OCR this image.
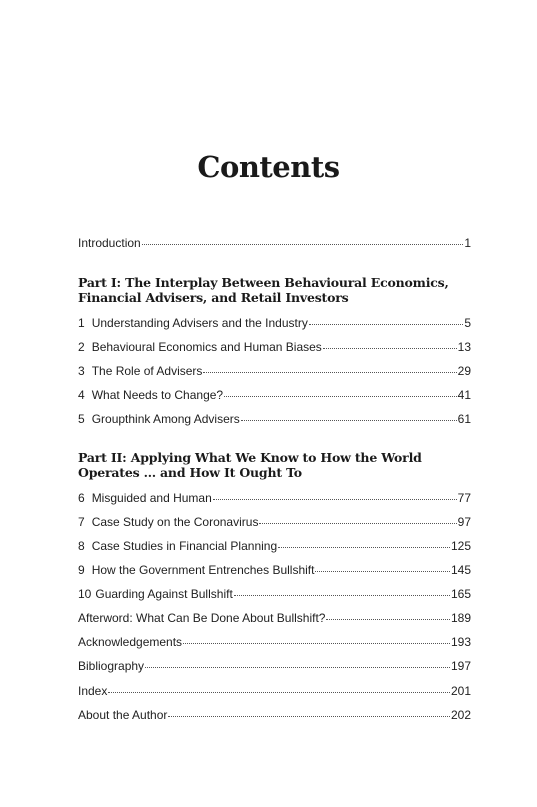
Contents
Introduction	1
Part I: The Interplay Between Behavioural Economics,
Financial Advisers, and Retail Investors
1 Understanding Advisers and the Industry	5
2 Behavioural Economics and Human Biases	13
3 The Role of Advisers	29
4 What Needs to Change?	41
5 Groupthink Among Advisers	61
Part II: Applying What We Know to How the World
Operates … and How It Ought To
6 Misguided and Human	77
7 Case Study on the Coronavirus	97
8 Case Studies in Financial Planning	125
9 How the Government Entrenches Bullshift	145
10 Guarding Against Bullshift	165
Afterword: What Can Be Done About Bullshift?	189
Acknowledgements	193
Bibliography	197
Index	201
About the Author	202
